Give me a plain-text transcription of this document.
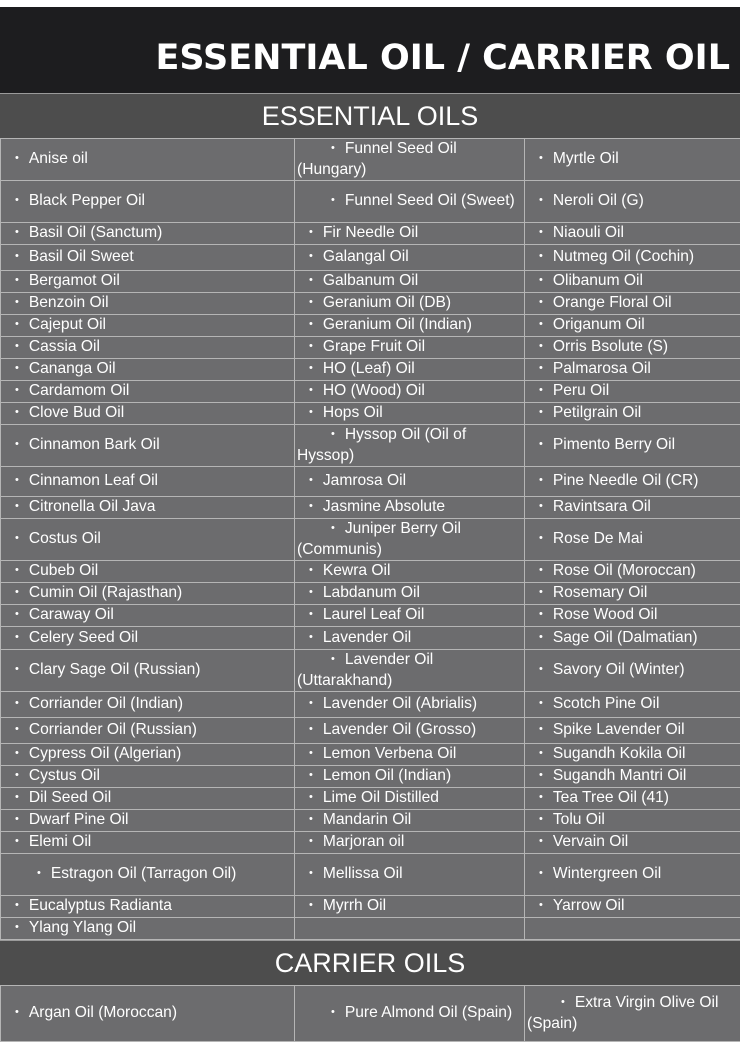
ESSENTIAL OIL / CARRIER OIL
ESSENTIAL OILS
• Anise oil	• Funnel Seed Oil (Hungary)	• Myrtle Oil
• Black Pepper Oil	• Funnel Seed Oil (Sweet)	• Neroli Oil (G)
• Basil Oil (Sanctum)	• Fir Needle Oil	• Niaouli Oil
• Basil Oil Sweet	• Galangal Oil	• Nutmeg Oil (Cochin)
• Bergamot Oil	• Galbanum Oil	• Olibanum Oil
• Benzoin Oil	• Geranium Oil (DB)	• Orange Floral Oil
• Cajeput Oil	• Geranium Oil (Indian)	• Origanum Oil
• Cassia Oil	• Grape Fruit Oil	• Orris Bsolute (S)
• Cananga Oil	• HO (Leaf) Oil	• Palmarosa Oil
• Cardamom Oil	• HO (Wood) Oil	• Peru Oil
• Clove Bud Oil	• Hops Oil	• Petilgrain Oil
• Cinnamon Bark Oil	• Hyssop Oil (Oil of Hyssop)	• Pimento Berry Oil
• Cinnamon Leaf Oil	• Jamrosa Oil	• Pine Needle Oil (CR)
• Citronella Oil Java	• Jasmine Absolute	• Ravintsara Oil
• Costus Oil	• Juniper Berry Oil (Communis)	• Rose De Mai
• Cubeb Oil	• Kewra Oil	• Rose Oil (Moroccan)
• Cumin Oil (Rajasthan)	• Labdanum Oil	• Rosemary Oil
• Caraway Oil	• Laurel Leaf Oil	• Rose Wood Oil
• Celery Seed Oil	• Lavender Oil	• Sage Oil (Dalmatian)
• Clary Sage Oil (Russian)	• Lavender Oil (Uttarakhand)	• Savory Oil (Winter)
• Corriander Oil (Indian)	• Lavender Oil (Abrialis)	• Scotch Pine Oil
• Corriander Oil (Russian)	• Lavender Oil (Grosso)	• Spike Lavender Oil
• Cypress Oil (Algerian)	• Lemon Verbena Oil	• Sugandh Kokila Oil
• Cystus Oil	• Lemon Oil (Indian)	• Sugandh Mantri Oil
• Dil Seed Oil	• Lime Oil Distilled	• Tea Tree Oil (41)
• Dwarf Pine Oil	• Mandarin Oil	• Tolu Oil
• Elemi Oil	• Marjoran oil	• Vervain Oil
• Estragon Oil (Tarragon Oil)	• Mellissa Oil	• Wintergreen Oil
• Eucalyptus Radianta	• Myrrh Oil	• Yarrow Oil
• Ylang Ylang Oil		
CARRIER OILS
• Argan Oil (Moroccan)	•Pure Almond Oil (Spain)	• Extra Virgin Olive Oil (Spain)
